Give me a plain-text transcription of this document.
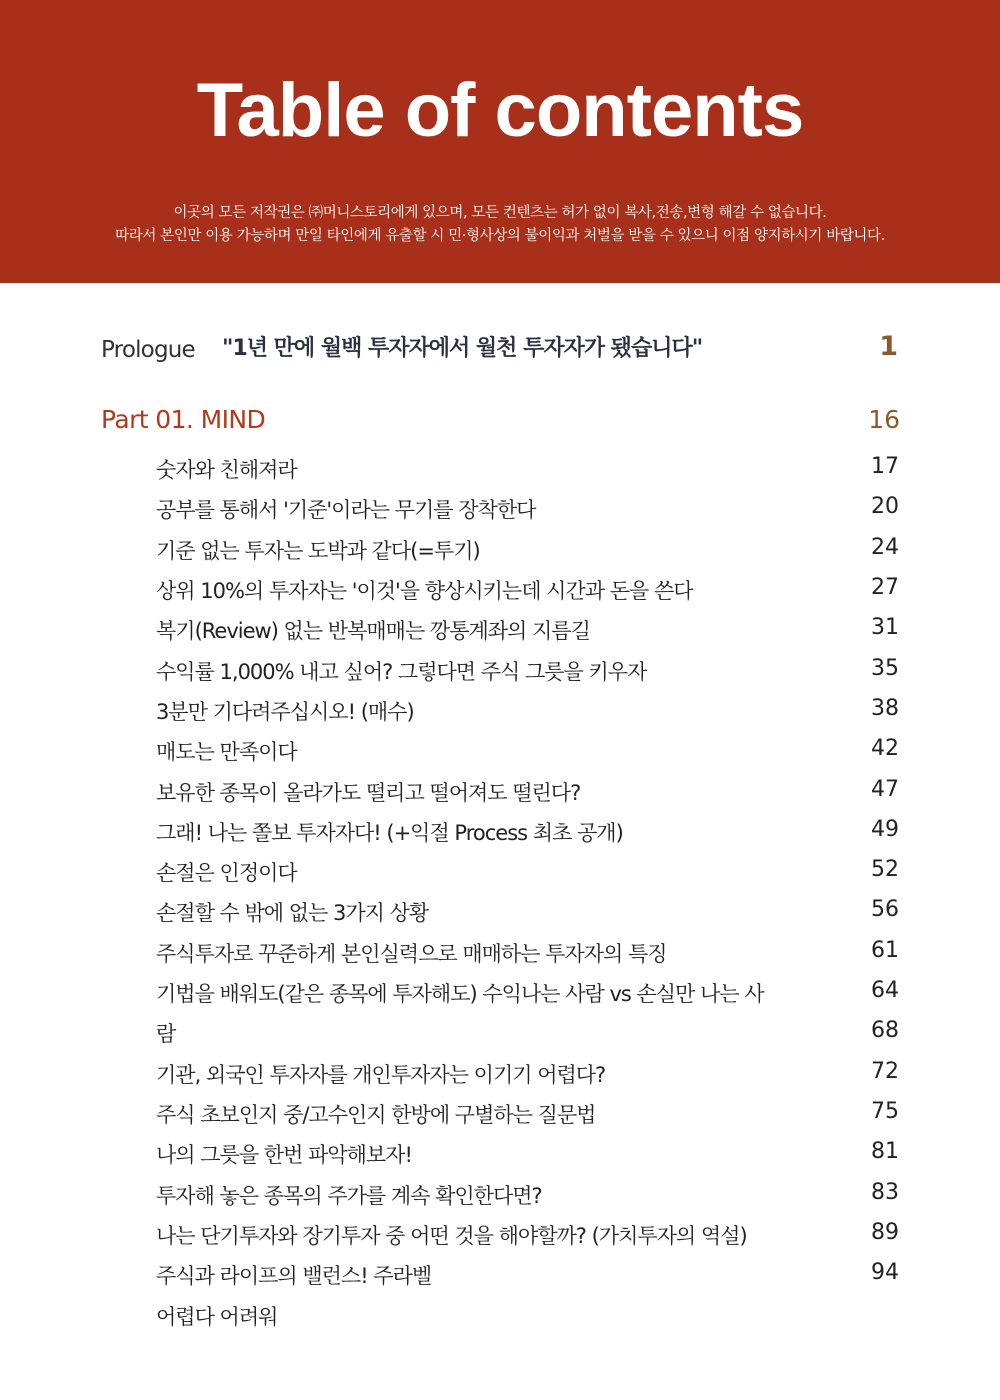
Table of contents
이곳의 모든 저작권은 ㈜머니스토리에게 있으며, 모든 컨텐츠는 허가 없이 복사,전송,변형 해갈 수 없습니다.
따라서 본인만 이용 가능하며 만일 타인에게 유출할 시 민·형사상의 불이익과 처벌을 받을 수 있으니 이점 양지하시기 바랍니다.
Prologue "1년 만에 월백 투자자에서 월천 투자자가 됐습니다"	1
Part 01. MIND	16
숫자와 친해져라	17
공부를 통해서 '기준'이라는 무기를 장착한다	20
기준 없는 투자는 도박과 같다(=투기)	24
상위 10%의 투자자는 '이것'을 향상시키는데 시간과 돈을 쓴다	27
복기(Review) 없는 반복매매는 깡통계좌의 지름길	31
수익률 1,000% 내고 싶어? 그렇다면 주식 그릇을 키우자	35
3분만 기다려주십시오! (매수)	38
매도는 만족이다	42
보유한 종목이 올라가도 떨리고 떨어져도 떨린다?	47
그래! 나는 쫄보 투자자다! (+익절 Process 최초 공개)	49
손절은 인정이다	52
손절할 수 밖에 없는 3가지 상황	56
주식투자로 꾸준하게 본인실력으로 매매하는 투자자의 특징	61
기법을 배워도(같은 종목에 투자해도) 수익나는 사람 vs 손실만 나는 사	64
람	68
기관, 외국인 투자자를 개인투자자는 이기기 어렵다?	72
주식 초보인지 중/고수인지 한방에 구별하는 질문법	75
나의 그릇을 한번 파악해보자!	81
투자해 놓은 종목의 주가를 계속 확인한다면?	83
나는 단기투자와 장기투자 중 어떤 것을 해야할까? (가치투자의 역설)	89
주식과 라이프의 밸런스! 주라벨	94
어렵다 어려워
